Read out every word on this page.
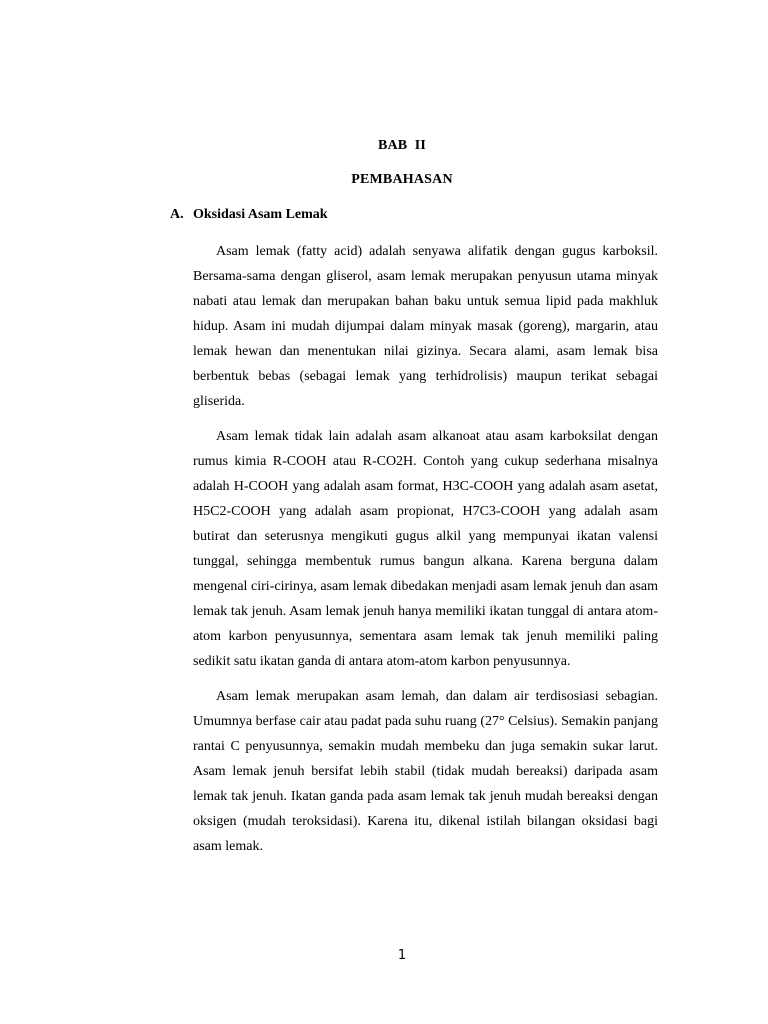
BAB  II
PEMBAHASAN
A. Oksidasi Asam Lemak

Asam lemak (fatty acid) adalah senyawa alifatik dengan gugus karboksil. Bersama-sama dengan gliserol, asam lemak merupakan penyusun utama minyak nabati atau lemak dan merupakan bahan baku untuk semua lipid pada makhluk hidup. Asam ini mudah dijumpai dalam minyak masak (goreng), margarin, atau lemak hewan dan menentukan nilai gizinya. Secara alami, asam lemak bisa berbentuk bebas (sebagai lemak yang terhidrolisis) maupun terikat sebagai gliserida.

Asam lemak tidak lain adalah asam alkanoat atau asam karboksilat dengan rumus kimia R-COOH atau R-CO2H. Contoh yang cukup sederhana misalnya adalah H-COOH yang adalah asam format, H3C-COOH yang adalah asam asetat, H5C2-COOH yang adalah asam propionat, H7C3-COOH yang adalah asam butirat dan seterusnya mengikuti gugus alkil yang mempunyai ikatan valensi tunggal, sehingga membentuk rumus bangun alkana. Karena berguna dalam mengenal ciri-cirinya, asam lemak dibedakan menjadi asam lemak jenuh dan asam lemak tak jenuh. Asam lemak jenuh hanya memiliki ikatan tunggal di antara atom-atom karbon penyusunnya, sementara asam lemak tak jenuh memiliki paling sedikit satu ikatan ganda di antara atom-atom karbon penyusunnya.

Asam lemak merupakan asam lemah, dan dalam air terdisosiasi sebagian. Umumnya berfase cair atau padat pada suhu ruang (27° Celsius). Semakin panjang rantai C penyusunnya, semakin mudah membeku dan juga semakin sukar larut. Asam lemak jenuh bersifat lebih stabil (tidak mudah bereaksi) daripada asam lemak tak jenuh. Ikatan ganda pada asam lemak tak jenuh mudah bereaksi dengan oksigen (mudah teroksidasi). Karena itu, dikenal istilah bilangan oksidasi bagi asam lemak.

1
